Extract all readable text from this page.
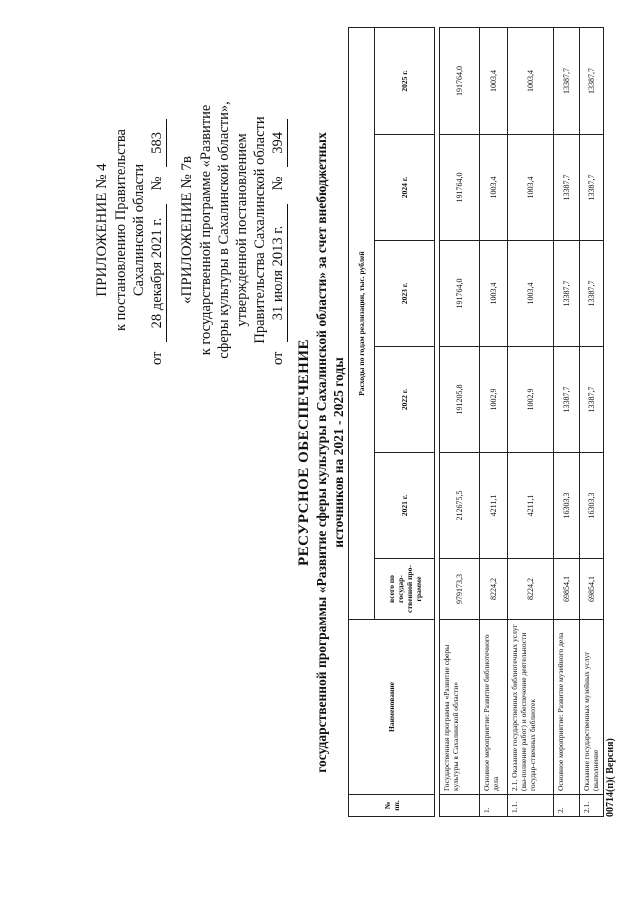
ПРИЛОЖЕНИЕ № 4 к постановлению Правительства Сахалинской области
от 28 декабря 2021 г. № 583
«ПРИЛОЖЕНИЕ № 7в к государственной программе «Развитие сферы культуры в Сахалинской области», утвержденной постановлением Правительства Сахалинской области
от 31 июля 2013 г. № 394
РЕСУРСНОЕ ОБЕСПЕЧЕНИЕ государственной программы «Развитие сферы культуры в Сахалинской области» за счет внебюджетных источников на 2021 - 2025 годы
№ пп.	Наименование	Расходы по годам реализации, тыс. рублей					
		всего по государ-ственной про-грамме	2021 г.	2022 г.	2023 г.	2024 г.	2025 г.
	Государственная программа «Развитие сферы культуры в Сахалинской области»	979173,3	212675,5	191205,8	191764,0	191764,0	191764,0
1.	Основное мероприятие: Развитие библиотечного дела	8224,2	4211,1	1002,9	1003,4	1003,4	1003,4
1.1.	2.1. Оказание государственных библиотечных услуг (вы-полнение работ) и обеспечение деятельности государ-ственных библиотек	8224,2	4211,1	1002,9	1003,4	1003,4	1003,4
2.	Основное мероприятие: Развитие музейного дела	69854,1	16303,3	13387,7	13387,7	13387,7	13387,7
2.1.	Оказание государственных музейных услуг (выполнение	69854,1	16303,3	13387,7	13387,7	13387,7	13387,7
00714(п)( Версия)
